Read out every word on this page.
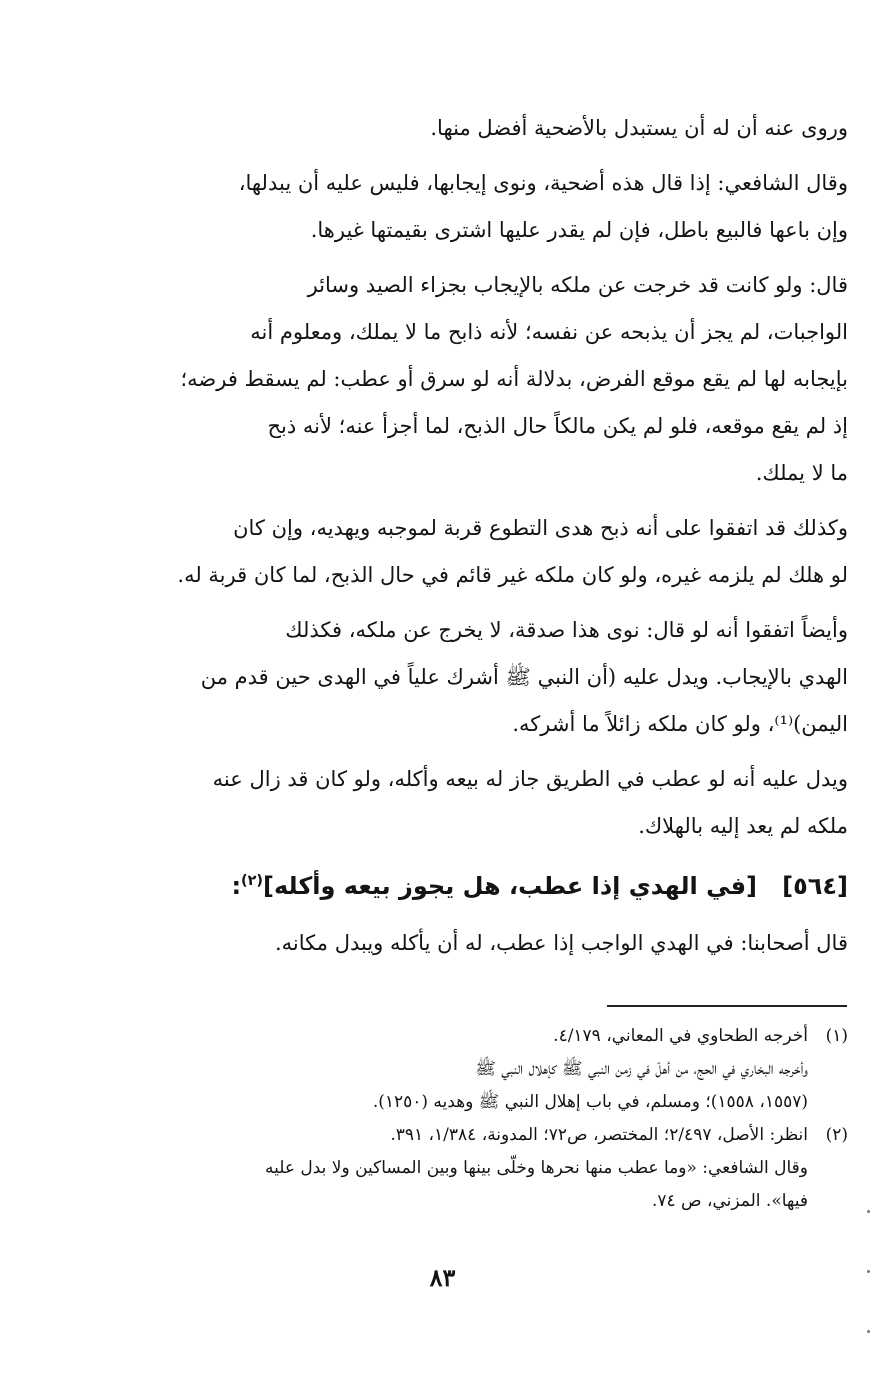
وروى عنه أن له أن يستبدل بالأضحية أفضل منها.

وقال الشافعي: إذا قال هذه أضحية، ونوى إيجابها، فليس عليه أن يبدلها،

وإن باعها فالبيع باطل، فإن لم يقدر عليها اشترى بقيمتها غيرها.

قال: ولو كانت قد خرجت عن ملكه بالإيجاب بجزاء الصيد وسائر

الواجبات، لم يجز أن يذبحه عن نفسه؛ لأنه ذابح ما لا يملك، ومعلوم أنه

بإيجابه لها لم يقع موقع الفرض، بدلالة أنه لو سرق أو عطب: لم يسقط فرضه؛

إذ لم يقع موقعه، فلو لم يكن مالكاً حال الذبح، لما أجزأ عنه؛ لأنه ذبح

ما لا يملك.

وكذلك قد اتفقوا على أنه ذبح هدى التطوع قربة لموجبه ويهديه، وإن كان

لو هلك لم يلزمه غيره، ولو كان ملكه غير قائم في حال الذبح، لما كان قربة له.

وأيضاً اتفقوا أنه لو قال: نوى هذا صدقة، لا يخرج عن ملكه، فكذلك

الهدي بالإيجاب. ويدل عليه (أن النبي ﷺ أشرك علياً في الهدى حين قدم من

اليمن)⁽¹⁾، ولو كان ملكه زائلاً ما أشركه.

ويدل عليه أنه لو عطب في الطريق جاز له بيعه وأكله، ولو كان قد زال عنه

ملكه لم يعد إليه بالهلاك.

[٥٦٤]   [في الهدي إذا عطب، هل يجوز بيعه وأكله]$^{(٢)}$:

قال أصحابنا: في الهدي الواجب إذا عطب، له أن يأكله ويبدل مكانه.

(١)أخرجه الطحاوي في المعاني، ٤/١٧٩.

وأخرجه البخاري في الحج، من أهلّ في زمن النبي ﷺ كإهلال النبي ﷺ

(١٥٥٧، ١٥٥٨)؛ ومسلم، في باب إهلال النبي ﷺ وهديه (١٢٥٠).

(٢)انظر: الأصل، ٢/٤٩٧؛ المختصر، ص٧٢؛ المدونة، ١/٣٨٤، ٣٩١.

وقال الشافعي: «وما عطب منها نحرها وخلّى بينها وبين المساكين ولا بدل عليه

فيها». المزني، ص ٧٤.

٨٣
